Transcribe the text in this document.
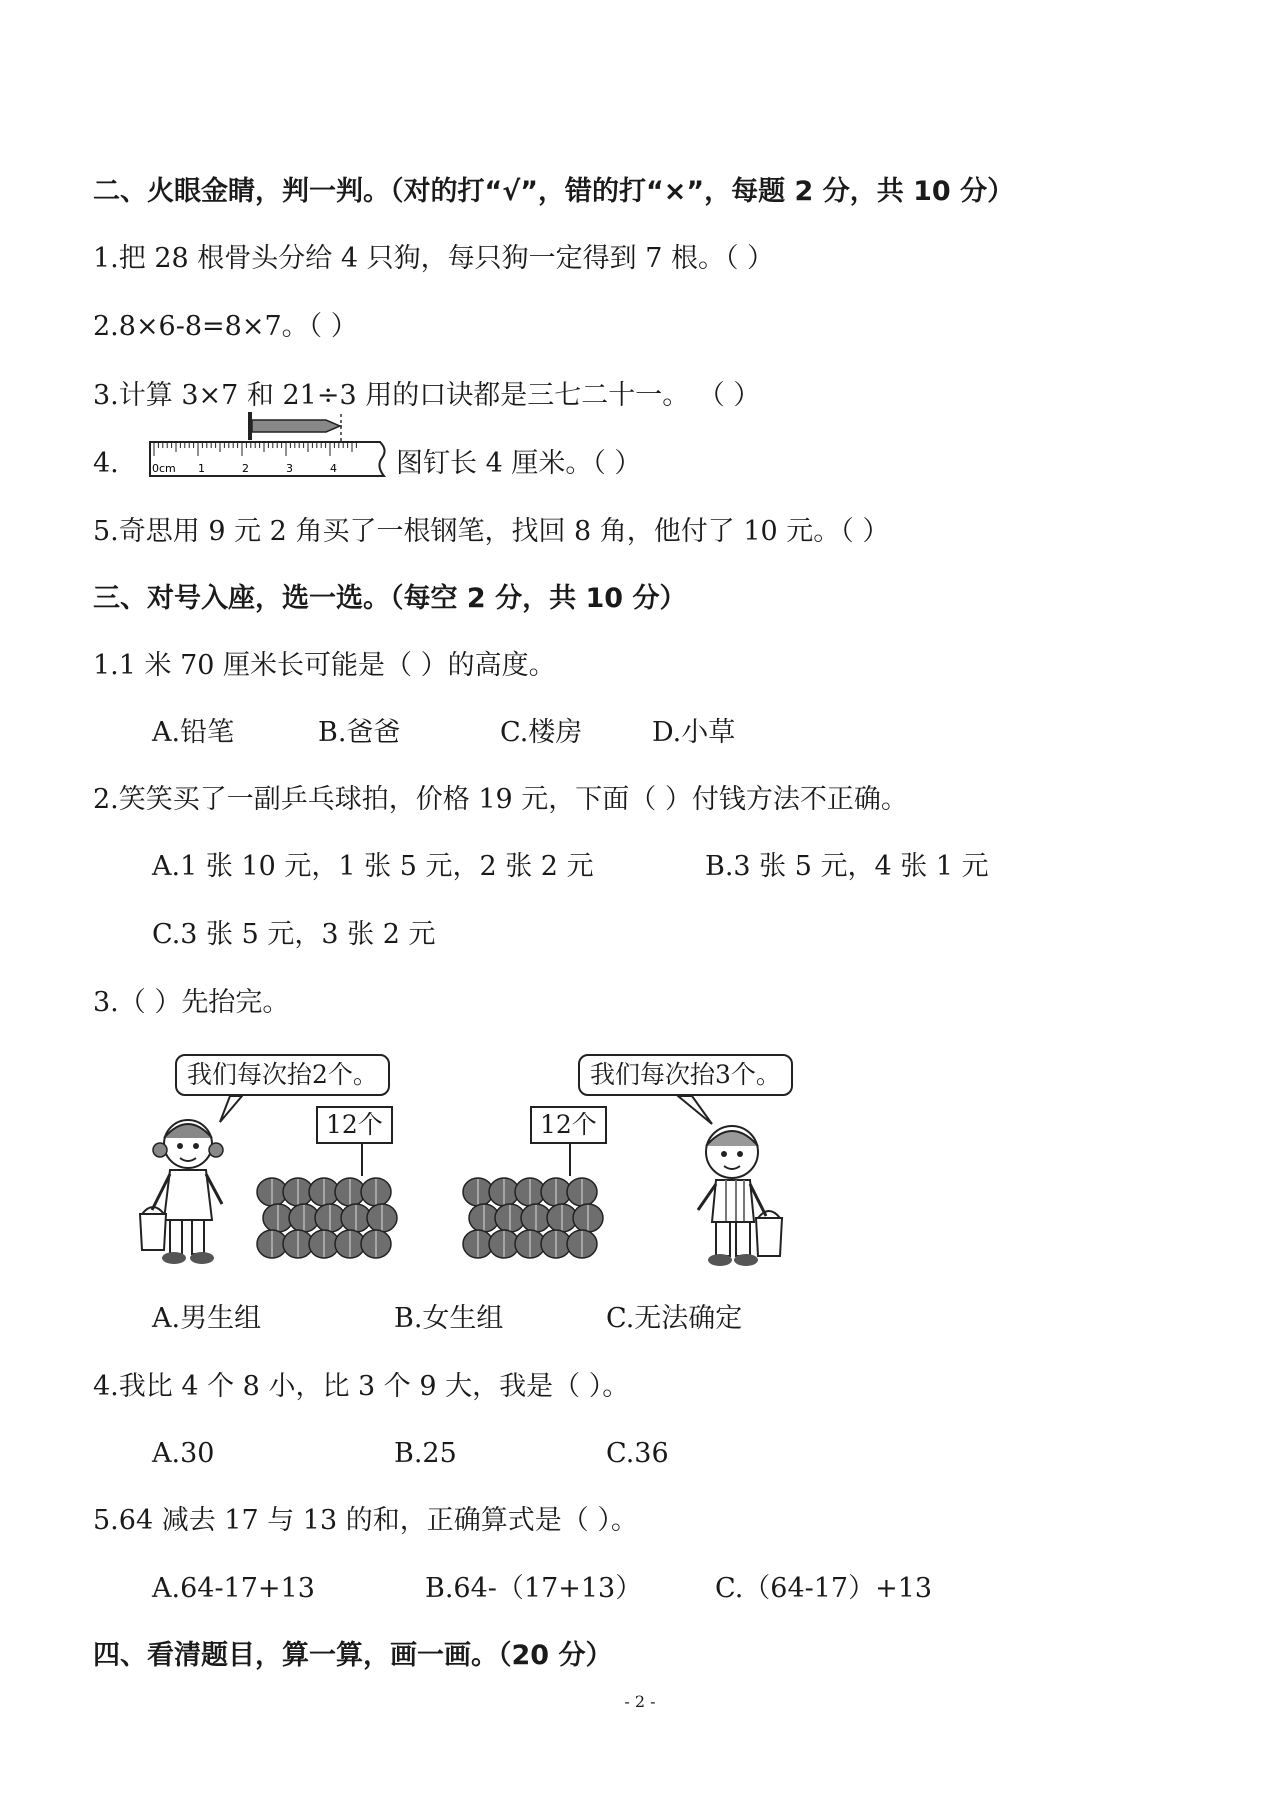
二、火眼金睛，判一判。（对的打“√”，错的打“×”，每题 2 分，共 10 分）
1.把 28 根骨头分给 4 只狗，每只狗一定得到 7 根。（ ）
2.8×6-8=8×7。（ ）
3.计算 3×7 和 21÷3 用的口诀都是三七二十一。 （ ）
4.	0cm 1	2	3	4 图钉长 4 厘米。（ ）
5.奇思用 9 元 2 角买了一根钢笔，找回 8 角，他付了 10 元。（ ）
三、对号入座，选一选。（每空 2 分，共 10 分）
1.1 米 70 厘米长可能是（ ）的高度。
A.铅笔	B.爸爸	C.楼房	D.小草
2.笑笑买了一副乒乓球拍，价格 19 元，下面（ ）付钱方法不正确。
A.1 张 10 元，1 张 5 元，2 张 2 元	B.3 张 5 元，4 张 1 元
C.3 张 5 元，3 张 2 元
3.（ ）先抬完。
我们每次抬2个。	我们每次抬3个。
12个	12个
A.男生组	B.女生组	C.无法确定
4.我比 4 个 8 小，比 3 个 9 大，我是（ ）。
A.30	B.25	C.36
5.64 减去 17 与 13 的和，正确算式是（ ）。
A.64-17+13	B.64-（17+13）	C.（64-17）+13
四、看清题目，算一算，画一画。（20 分）
- 2 -
